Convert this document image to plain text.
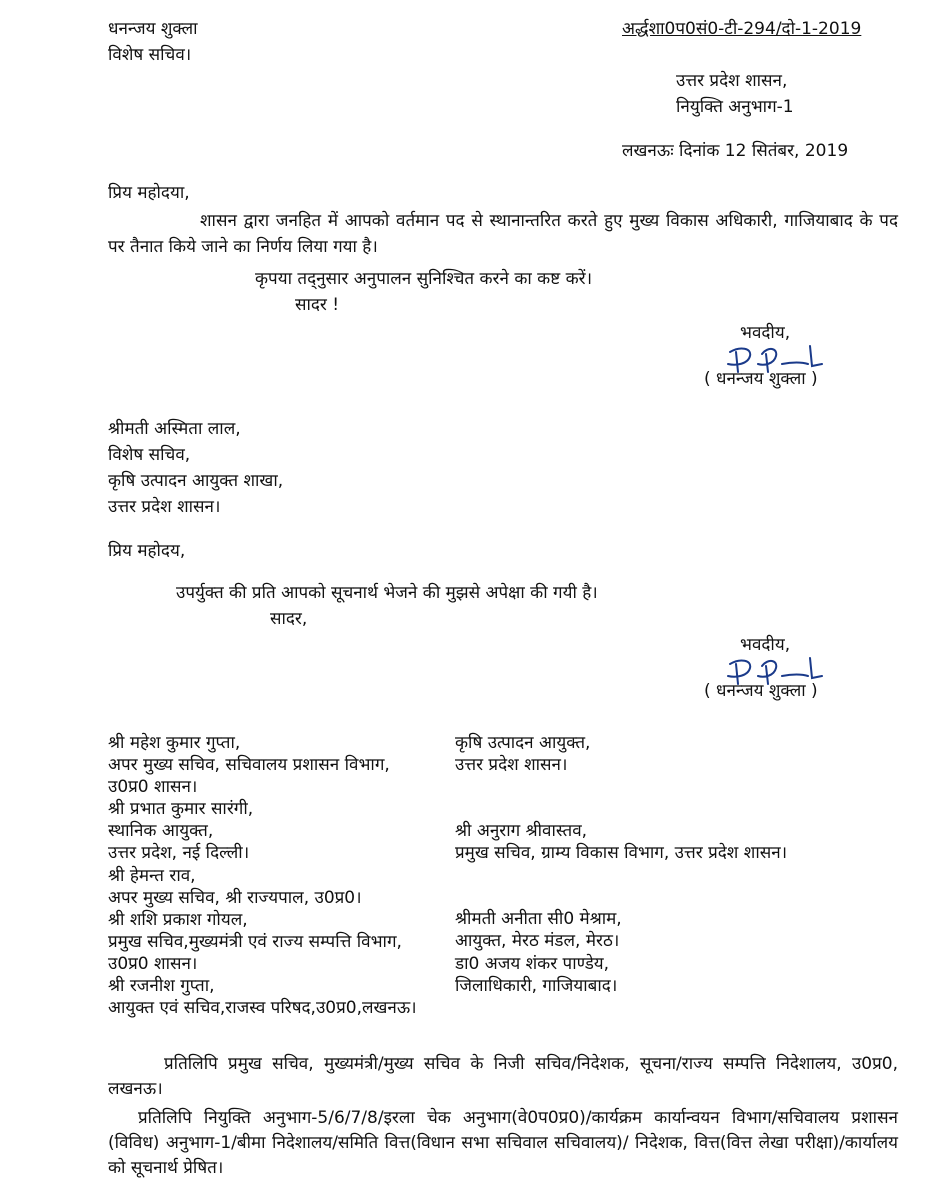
धनन्जय शुक्ला
विशेष सचिव।
अर्द्धशा0प0सं0-टी-294/दो-1-2019
उत्तर प्रदेश शासन,
नियुक्ति अनुभाग-1
लखनऊः दिनांक 12 सितंबर, 2019
प्रिय महोदया,
शासन द्वारा जनहित में आपको वर्तमान पद से स्थानान्तरित करते हुए मुख्य विकास अधिकारी, गाजियाबाद के पद पर तैनात किये जाने का निर्णय लिया गया है।
कृपया तद्नुसार अनुपालन सुनिश्चित करने का कष्ट करें।
सादर !
भवदीय,
( धनन्जय शुक्ला )
श्रीमती अस्मिता लाल,
विशेष सचिव,
कृषि उत्पादन आयुक्त शाखा,
उत्तर प्रदेश शासन।
प्रिय महोदय,
उपर्युक्त की प्रति आपको सूचनार्थ भेजने की मुझसे अपेक्षा की गयी है।
सादर,
भवदीय,
( धनन्जय शुक्ला )
श्री महेश कुमार गुप्ता,
अपर मुख्य सचिव, सचिवालय प्रशासन विभाग,
उ0प्र0 शासन।
श्री प्रभात कुमार सारंगी,
स्थानिक आयुक्त,
उत्तर प्रदेश, नई दिल्ली।
श्री हेमन्त राव,
अपर मुख्य सचिव, श्री राज्यपाल, उ0प्र0।
श्री शशि प्रकाश गोयल,
प्रमुख सचिव,मुख्यमंत्री एवं राज्य सम्पत्ति विभाग,
उ0प्र0 शासन।
श्री रजनीश गुप्ता,
आयुक्त एवं सचिव,राजस्व परिषद,उ0प्र0,लखनऊ।
कृषि उत्पादन आयुक्त,
उत्तर प्रदेश शासन।
श्री अनुराग श्रीवास्तव,
प्रमुख सचिव, ग्राम्य विकास विभाग, उत्तर प्रदेश शासन।
श्रीमती अनीता सी0 मेश्राम,
आयुक्त, मेरठ मंडल, मेरठ।
डा0 अजय शंकर पाण्डेय,
जिलाधिकारी, गाजियाबाद।
प्रतिलिपि प्रमुख सचिव, मुख्यमंत्री/मुख्य सचिव के निजी सचिव/निदेशक, सूचना/राज्य सम्पत्ति निदेशालय, उ0प्र0, लखनऊ।
प्रतिलिपि नियुक्ति अनुभाग-5/6/7/8/इरला चेक अनुभाग(वे0प0प्र0)/कार्यक्रम कार्यान्वयन विभाग/सचिवालय प्रशासन (विविध) अनुभाग-1/बीमा निदेशालय/समिति वित्त(विधान सभा सचिवाल सचिवालय)/ निदेशक, वित्त(वित्त लेखा परीक्षा)/कार्यालय को सूचनार्थ प्रेषित।
